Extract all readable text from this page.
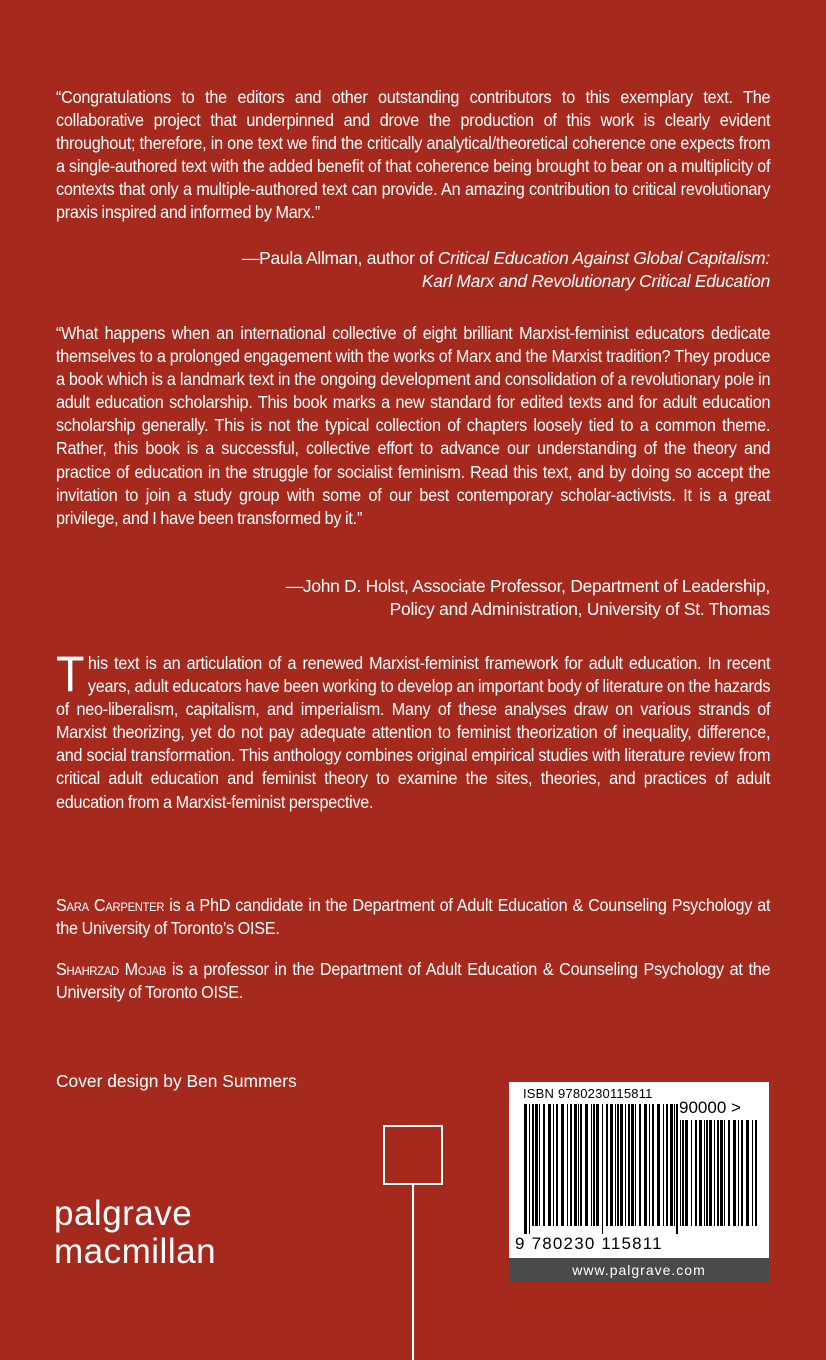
“Congratulations to the editors and other outstanding contributors to this exemplary text. The collaborative project that underpinned and drove the production of this work is clearly evident throughout; therefore, in one text we find the critically analytical/theoretical coherence one expects from a single-authored text with the added benefit of that coherence being brought to bear on a multiplicity of contexts that only a multiple-authored text can provide. An amazing contribution to critical revolutionary praxis inspired and informed by Marx.”
—Paula Allman, author of Critical Education Against Global Capitalism:
Karl Marx and Revolutionary Critical Education
“What happens when an international collective of eight brilliant Marxist-feminist educators dedicate themselves to a prolonged engagement with the works of Marx and the Marxist tradition? They produce a book which is a landmark text in the ongoing development and consolidation of a revolutionary pole in adult education scholarship. This book marks a new standard for edited texts and for adult education scholarship generally. This is not the typical collection of chapters loosely tied to a common theme. Rather, this book is a successful, collective effort to advance our understanding of the theory and practice of education in the struggle for socialist feminism. Read this text, and by doing so accept the invitation to join a study group with some of our best contemporary scholar-activists. It is a great privilege, and I have been transformed by it.”
—John D. Holst, Associate Professor, Department of Leadership,
Policy and Administration, University of St. Thomas
This text is an articulation of a renewed Marxist-feminist framework for adult education. In recent years, adult educators have been working to develop an important body of literature on the hazards of neo-liberalism, capitalism, and imperialism. Many of these analyses draw on various strands of Marxist theorizing, yet do not pay adequate attention to feminist theorization of inequality, difference, and social transformation. This anthology combines original empirical studies with literature review from critical adult education and feminist theory to examine the sites, theories, and practices of adult education from a Marxist-feminist perspective.
Sara Carpenter is a PhD candidate in the Department of Adult Education & Counseling Psychology at the University of Toronto’s OISE.
Shahrzad Mojab is a professor in the Department of Adult Education & Counseling Psychology at the University of Toronto OISE.
Cover design by Ben Summers
palgrave
macmillan
ISBN 9780230115811
90000 >
9 780230 115811
www.palgrave.com
